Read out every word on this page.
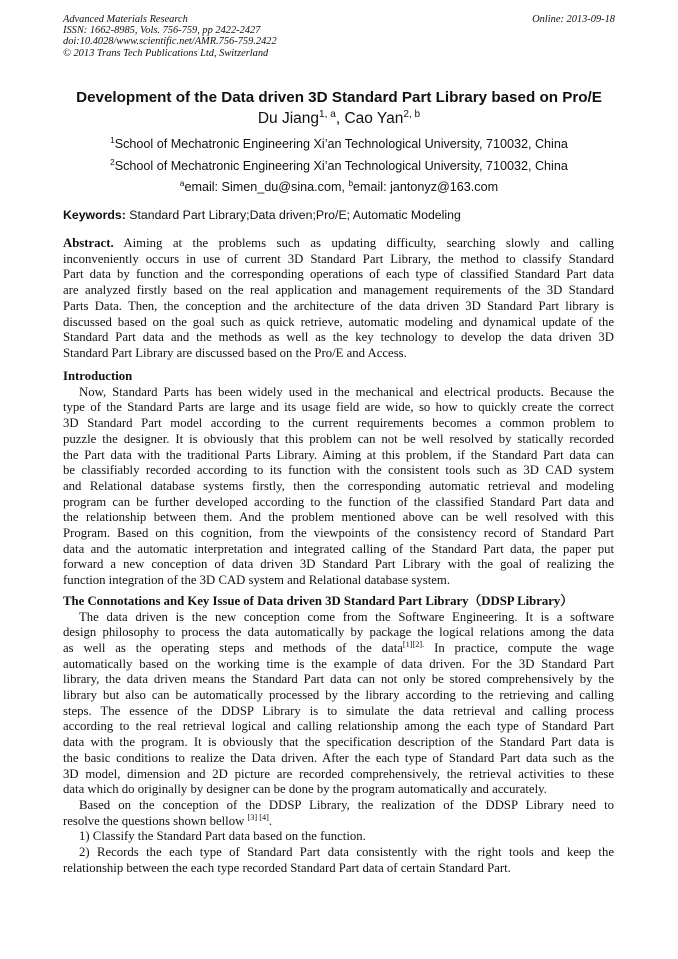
Advanced Materials Research
ISSN: 1662-8985, Vols. 756-759, pp 2422-2427
doi:10.4028/www.scientific.net/AMR.756-759.2422
© 2013 Trans Tech Publications Ltd, Switzerland
Online: 2013-09-18
Development of the Data driven 3D Standard Part Library based on Pro/E
Du Jiang$^{1, a}$, Cao Yan$^{2, b}$
$^1$School of Mechatronic Engineering Xi’an Technological University, 710032, China
$^2$School of Mechatronic Engineering Xi’an Technological University, 710032, China
$^a$email: Simen_du@sina.com, $^b$email: jantonyz@163.com
Keywords: Standard Part Library;Data driven;Pro/E; Automatic Modeling
Abstract. Aiming at the problems such as updating difficulty, searching slowly and calling
inconveniently occurs in use of current 3D Standard Part Library, the method to classify Standard
Part data by function and the corresponding operations of each type of classified Standard Part data
are analyzed firstly based on the real application and management requirements of the 3D Standard
Parts Data. Then, the conception and the architecture of the data driven 3D Standard Part library is
discussed based on the goal such as quick retrieve, automatic modeling and dynamical update of the
Standard Part data and the methods as well as the key technology to develop the data driven 3D
Standard Part Library are discussed based on the Pro/E and Access.
Introduction
Now, Standard Parts has been widely used in the mechanical and electrical products. Because the
type of the Standard Parts are large and its usage field are wide, so how to quickly create the correct
3D Standard Part model according to the current requirements becomes a common problem to
puzzle the designer. It is obviously that this problem can not be well resolved by statically recorded
the Part data with the traditional Parts Library. Aiming at this problem, if the Standard Part data can
be classifiably recorded according to its function with the consistent tools such as 3D CAD system
and Relational database systems firstly, then the corresponding automatic retrieval and modeling
program can be further developed according to the function of the classified Standard Part data and
the relationship between them. And the problem mentioned above can be well resolved with this
Program. Based on this cognition, from the viewpoints of the consistency record of Standard Part
data and the automatic interpretation and integrated calling of the Standard Part data, the paper put
forward a new conception of data driven 3D Standard Part Library with the goal of realizing the
function integration of the 3D CAD system and Relational database system.
The Connotations and Key Issue of Data driven 3D Standard Part Library（DDSP Library）
The data driven is the new conception come from the Software Engineering. It is a software
design philosophy to process the data automatically by package the logical relations among the data
as well as the operating steps and methods of the data$^{[1][2].}$ In practice, compute the wage
automatically based on the working time is the example of data driven. For the 3D Standard Part
library, the data driven means the Standard Part data can not only be stored comprehensively by the
library but also can be automatically processed by the library according to the retrieving and calling
steps. The essence of the DDSP Library is to simulate the data retrieval and calling process
according to the real retrieval logical and calling relationship among the each type of Standard Part
data with the program. It is obviously that the specification description of the Standard Part data is
the basic conditions to realize the Data driven. After the each type of Standard Part data such as the
3D model, dimension and 2D picture are recorded comprehensively, the retrieval activities to these
data which do originally by designer can be done by the program automatically and accurately.
Based on the conception of the DDSP Library, the realization of the DDSP Library need to
resolve the questions shown bellow [3] [4].
1) Classify the Standard Part data based on the function.
2) Records the each type of Standard Part data consistently with the right tools and keep the
relationship between the each type recorded Standard Part data of certain Standard Part.
